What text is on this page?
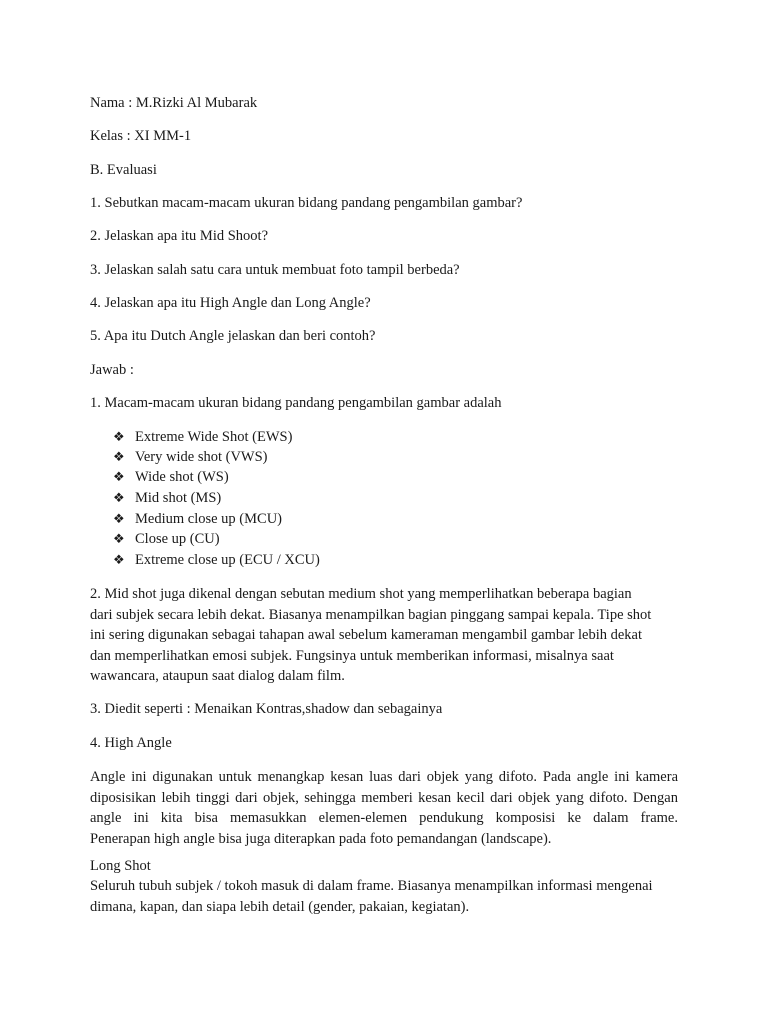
Nama : M.Rizki Al Mubarak
Kelas : XI MM-1
B. Evaluasi
1. Sebutkan macam-macam ukuran bidang pandang pengambilan gambar?
2. Jelaskan apa itu Mid Shoot?
3. Jelaskan salah satu cara untuk membuat foto tampil berbeda?
4. Jelaskan apa itu High Angle dan Long Angle?
5. Apa itu Dutch Angle jelaskan dan beri contoh?
Jawab :
1. Macam-macam ukuran bidang pandang pengambilan gambar adalah
❖ Extreme Wide Shot (EWS)
❖ Very wide shot (VWS)
❖ Wide shot (WS)
❖ Mid shot (MS)
❖ Medium close up (MCU)
❖ Close up (CU)
❖ Extreme close up (ECU / XCU)
2. Mid shot juga dikenal dengan sebutan medium shot yang memperlihatkan beberapa bagian
dari subjek secara lebih dekat. Biasanya menampilkan bagian pinggang sampai kepala. Tipe shot
ini sering digunakan sebagai tahapan awal sebelum kameraman mengambil gambar lebih dekat
dan memperlihatkan emosi subjek. Fungsinya untuk memberikan informasi, misalnya saat
wawancara, ataupun saat dialog dalam film.
3. Diedit seperti : Menaikan Kontras,shadow dan sebagainya
4. High Angle
Angle ini digunakan untuk menangkap kesan luas dari objek yang difoto. Pada angle ini kamera
diposisikan lebih tinggi dari objek, sehingga memberi kesan kecil dari objek yang difoto. Dengan
angle ini kita bisa memasukkan elemen-elemen pendukung komposisi ke dalam frame.
Penerapan high angle bisa juga diterapkan pada foto pemandangan (landscape).
Long Shot
Seluruh tubuh subjek / tokoh masuk di dalam frame. Biasanya menampilkan informasi mengenai
dimana, kapan, dan siapa lebih detail (gender, pakaian, kegiatan).
